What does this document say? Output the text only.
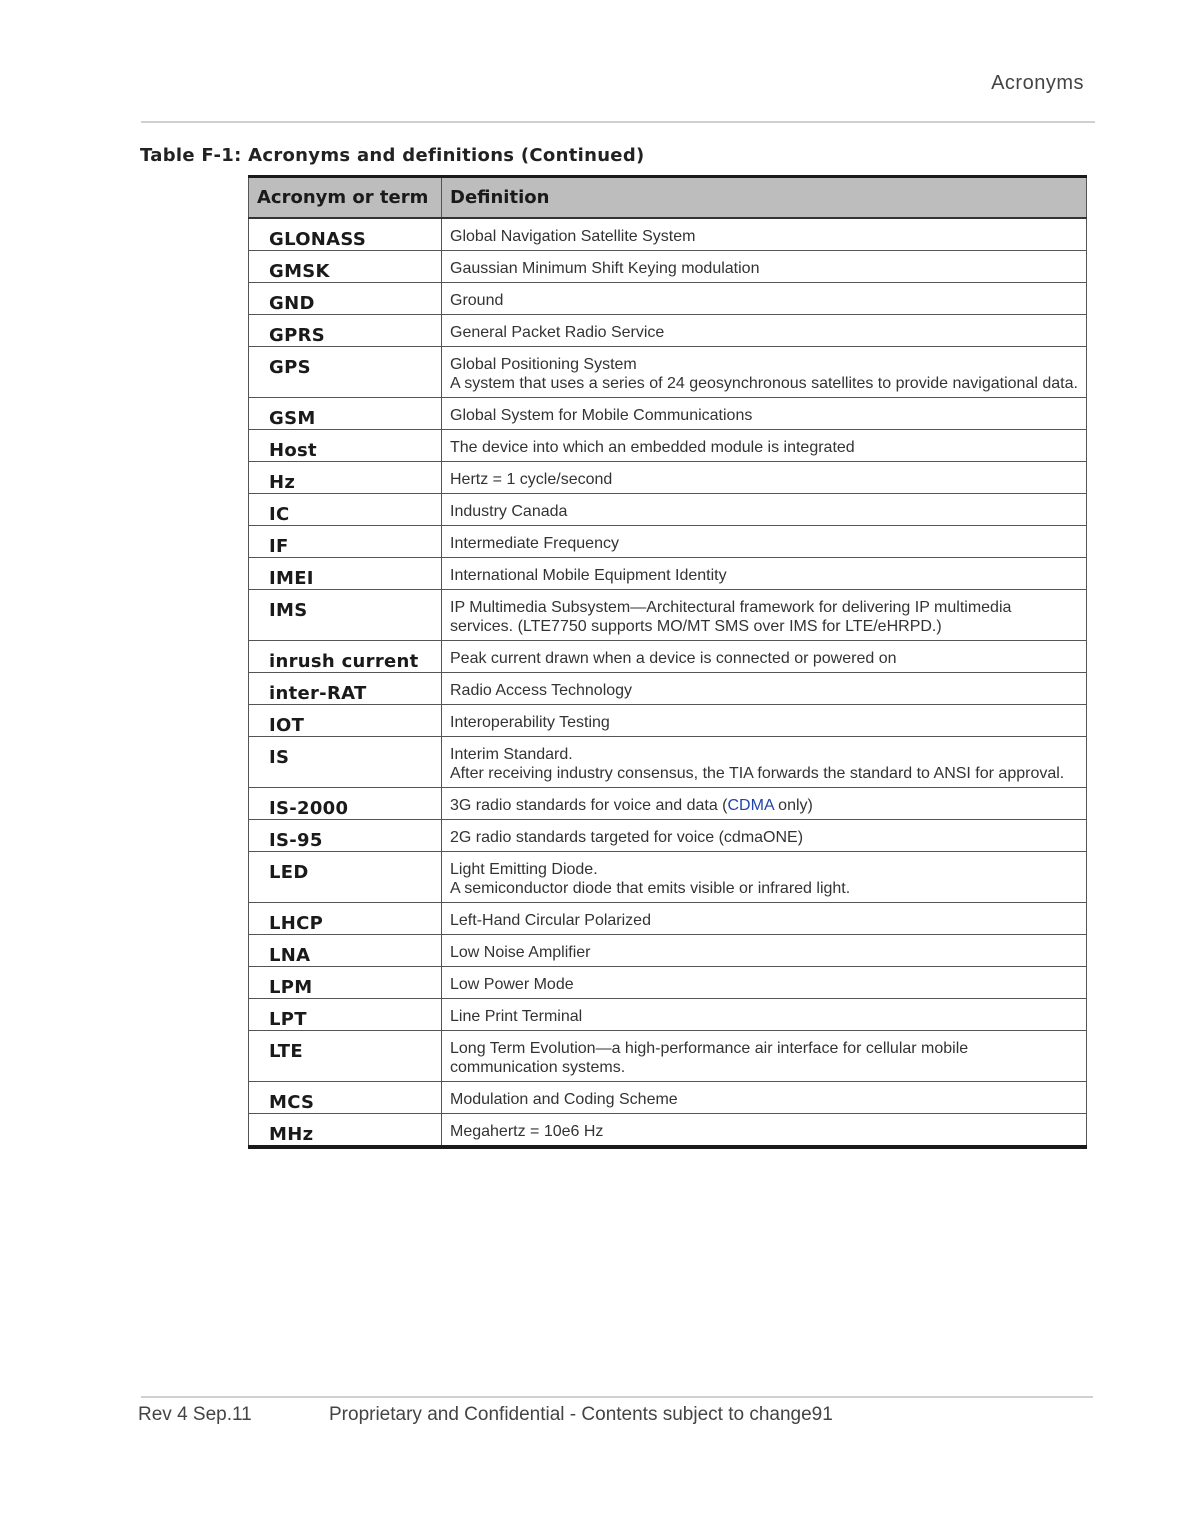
Acronyms
Table F-1: Acronyms and definitions (Continued)
Acronym or term	Definition
GLONASS	Global Navigation Satellite System

GMSK	Gaussian Minimum Shift Keying modulation

GND	Ground

GPRS	General Packet Radio Service

GPS	Global Positioning System
A system that uses a series of 24 geosynchronous satellites to provide navigational data.

GSM	Global System for Mobile Communications

Host	The device into which an embedded module is integrated

Hz	Hertz = 1 cycle/second

IC	Industry Canada

IF	Intermediate Frequency

IMEI	International Mobile Equipment Identity

IMS	IP Multimedia Subsystem—Architectural framework for delivering IP multimedia services. (LTE7750 supports MO/MT SMS over IMS for LTE/eHRPD.)

inrush current	Peak current drawn when a device is connected or powered on

inter-RAT	Radio Access Technology

IOT	Interoperability Testing

IS	Interim Standard.
After receiving industry consensus, the TIA forwards the standard to ANSI for approval.

IS-2000	3G radio standards for voice and data (CDMA only)

IS-95	2G radio standards targeted for voice (cdmaONE)

LED	Light Emitting Diode.
A semiconductor diode that emits visible or infrared light.

LHCP	Left-Hand Circular Polarized

LNA	Low Noise Amplifier

LPM	Low Power Mode

LPT	Line Print Terminal

LTE	Long Term Evolution—a high-performance air interface for cellular mobile communication systems.

MCS	Modulation and Coding Scheme

MHz	Megahertz = 10e6 Hz
Rev 4 Sep.11	Proprietary and Confidential - Contents subject to change91
